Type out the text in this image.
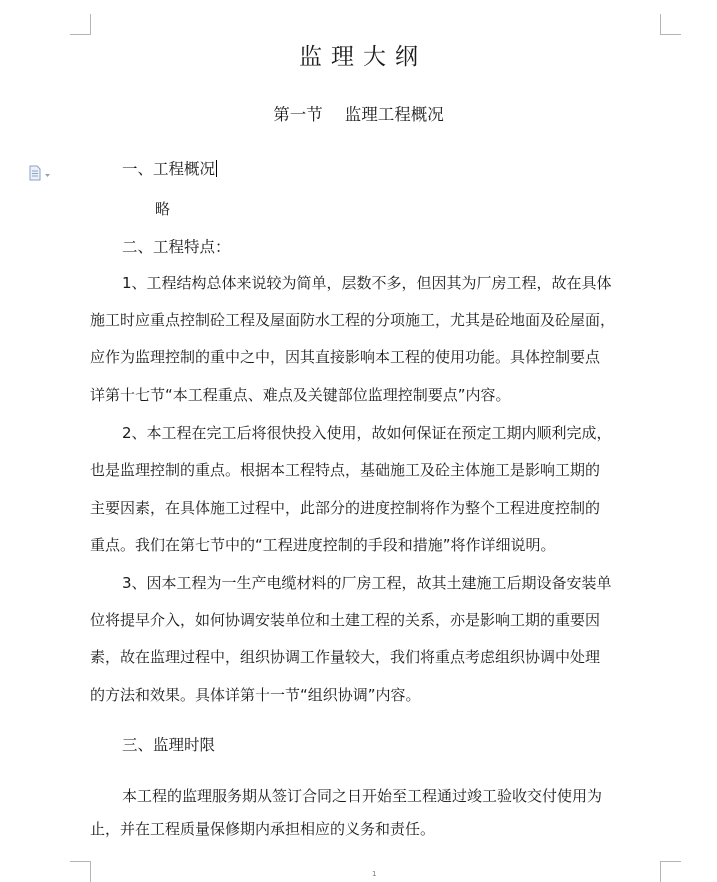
监理大纲
第一节 监理工程概况
一、工程概况
略
二、工程特点：
1、工程结构总体来说较为简单，层数不多，但因其为厂房工程，故在具体
施工时应重点控制砼工程及屋面防水工程的分项施工，尤其是砼地面及砼屋面，
应作为监理控制的重中之中，因其直接影响本工程的使用功能。具体控制要点
详第十七节“本工程重点、难点及关键部位监理控制要点”内容。
2、本工程在完工后将很快投入使用，故如何保证在预定工期内顺利完成，
也是监理控制的重点。根据本工程特点，基础施工及砼主体施工是影响工期的
主要因素，在具体施工过程中，此部分的进度控制将作为整个工程进度控制的
重点。我们在第七节中的“工程进度控制的手段和措施”将作详细说明。
3、因本工程为一生产电缆材料的厂房工程，故其土建施工后期设备安装单
位将提早介入，如何协调安装单位和土建工程的关系，亦是影响工期的重要因
素，故在监理过程中，组织协调工作量较大，我们将重点考虑组织协调中处理
的方法和效果。具体详第十一节“组织协调”内容。
三、监理时限
本工程的监理服务期从签订合同之日开始至工程通过竣工验收交付使用为
止，并在工程质量保修期内承担相应的义务和责任。
1
